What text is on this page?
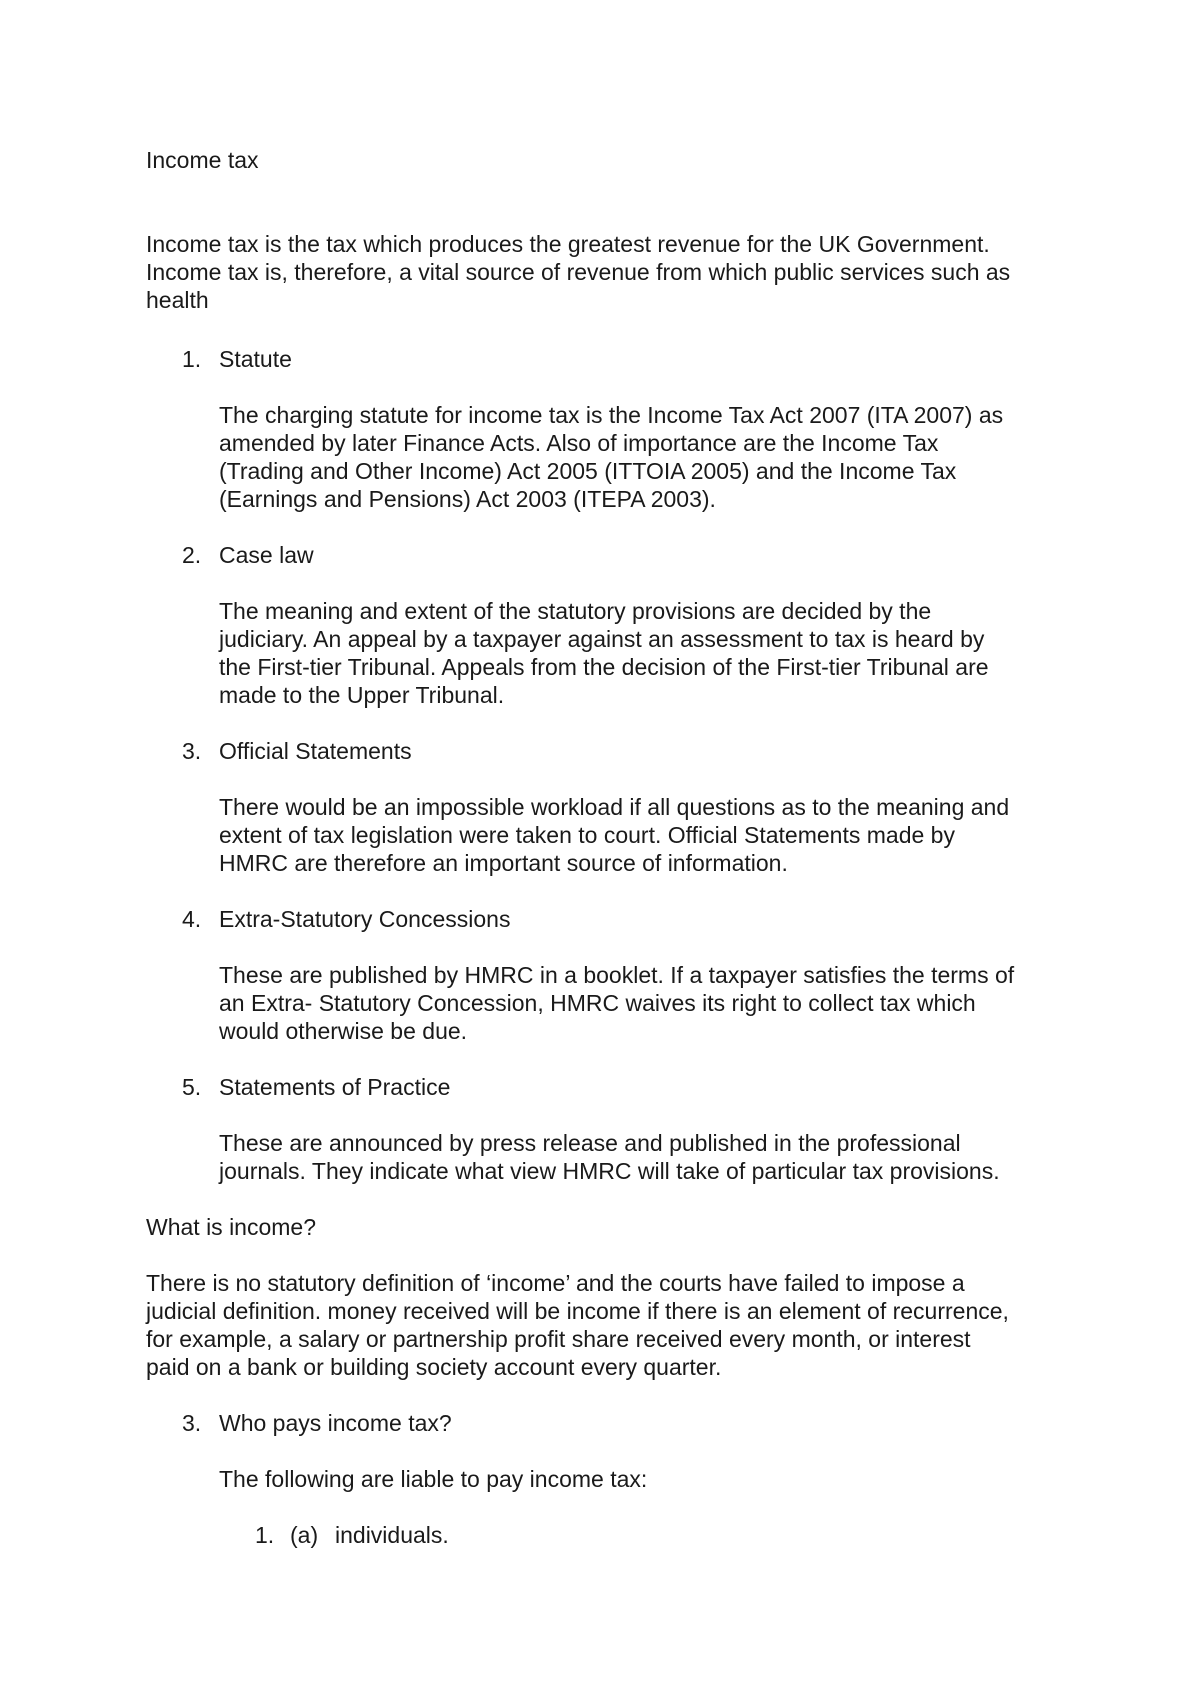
Income tax
Income tax is the tax which produces the greatest revenue for the UK Government.
Income tax is, therefore, a vital source of revenue from which public services such as
health
1. Statute
The charging statute for income tax is the Income Tax Act 2007 (ITA 2007) as
amended by later Finance Acts. Also of importance are the Income Tax
(Trading and Other Income) Act 2005 (ITTOIA 2005) and the Income Tax
(Earnings and Pensions) Act 2003 (ITEPA 2003).
2. Case law
The meaning and extent of the statutory provisions are decided by the
judiciary. An appeal by a taxpayer against an assessment to tax is heard by
the First-tier Tribunal. Appeals from the decision of the First-tier Tribunal are
made to the Upper Tribunal.
3. Official Statements
There would be an impossible workload if all questions as to the meaning and
extent of tax legislation were taken to court. Official Statements made by
HMRC are therefore an important source of information.
4. Extra-Statutory Concessions
These are published by HMRC in a booklet. If a taxpayer satisfies the terms of
an Extra- Statutory Concession, HMRC waives its right to collect tax which
would otherwise be due.
5. Statements of Practice
These are announced by press release and published in the professional
journals. They indicate what view HMRC will take of particular tax provisions.
What is income?
There is no statutory definition of ‘income’ and the courts have failed to impose a
judicial definition. money received will be income if there is an element of recurrence,
for example, a salary or partnership profit share received every month, or interest
paid on a bank or building society account every quarter.
3. Who pays income tax?
The following are liable to pay income tax:
1. (a) individuals.
